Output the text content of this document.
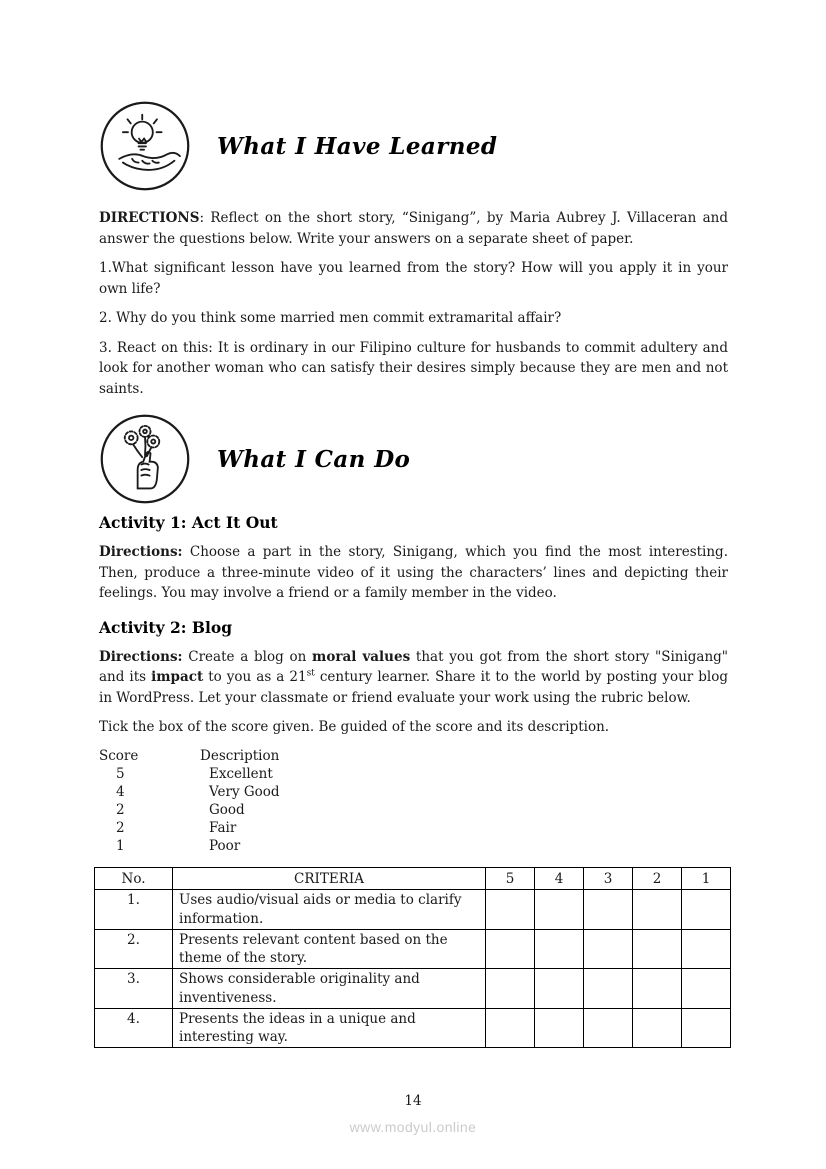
What I Have Learned

DIRECTIONS: Reflect on the short story, “Sinigang”, by Maria Aubrey J. Villaceran and answer the questions below. Write your answers on a separate sheet of paper.

1.What significant lesson have you learned from the story? How will you apply it in your own life?

2. Why do you think some married men commit extramarital affair?

3. React on this: It is ordinary in our Filipino culture for husbands to commit adultery and look for another woman who can satisfy their desires simply because they are men and not saints.

What I Can Do
Activity 1: Act It Out

Directions: Choose a part in the story, Sinigang, which you find the most interesting. Then, produce a three-minute video of it using the characters’ lines and depicting their feelings. You may involve a friend or a family member in the video.

Activity 2: Blog

Directions: Create a blog on moral values that you got from the short story "Sinigang" and its impact to you as a 21st century learner. Share it to the world by posting your blog in WordPress. Let your classmate or friend evaluate your work using the rubric below.

Tick the box of the score given. Be guided of the score and its description.

Score	Description
5	Excellent
4	Very Good
2	Good
2	Fair
1	Poor
No.	CRITERIA	5	4	3	2	1
1.	Uses audio/visual aids or media to clarify information.					
2.	Presents relevant content based on the theme of the story.					
3.	Shows considerable originality and inventiveness.					
4.	Presents the ideas in a unique and interesting way.					
14
www.modyul.online
